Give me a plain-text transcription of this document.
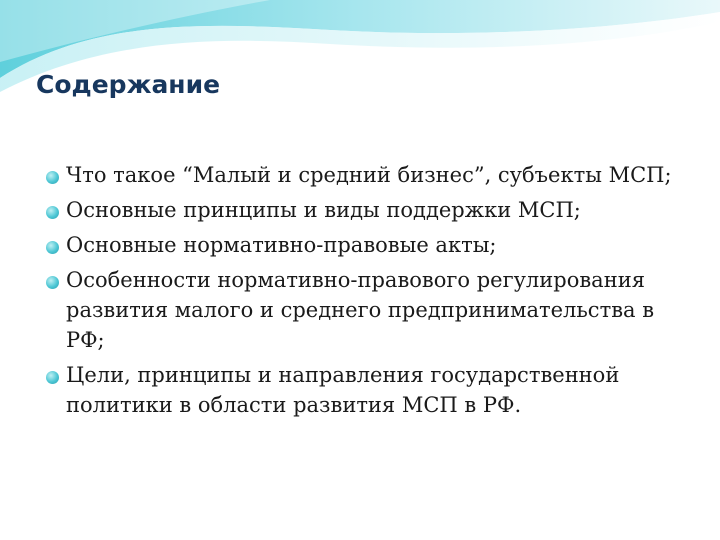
Содержание
Что такое “Малый и средний бизнес”, субъекты МСП;
Основные принципы и виды поддержки МСП;
Основные нормативно-правовые акты;
Особенности нормативно-правового регулирования развития малого и среднего предпринимательства в РФ;
Цели, принципы и направления государственной политики в области развития МСП в РФ.
